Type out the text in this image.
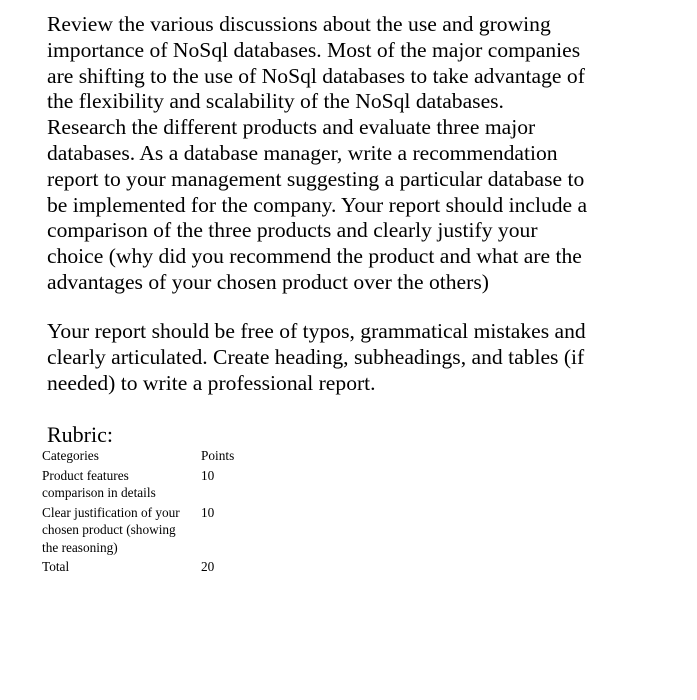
Review the various discussions about the use and growing
importance of NoSql databases. Most of the major companies
are shifting to the use of NoSql databases to take advantage of
the flexibility and scalability of the NoSql databases.
Research the different products and evaluate three major
databases. As a database manager, write a recommendation
report to your management suggesting a particular database to
be implemented for the company. Your report should include a
comparison of the three products and clearly justify your
choice (why did you recommend the product and what are the
advantages of your chosen product over the others)
Your report should be free of typos, grammatical mistakes and
clearly articulated. Create heading, subheadings, and tables (if
needed) to write a professional report.
Rubric:
Categories	Points

Product features
comparison in details	10

Clear justification of your
chosen product (showing
the reasoning)	10

Total	20
